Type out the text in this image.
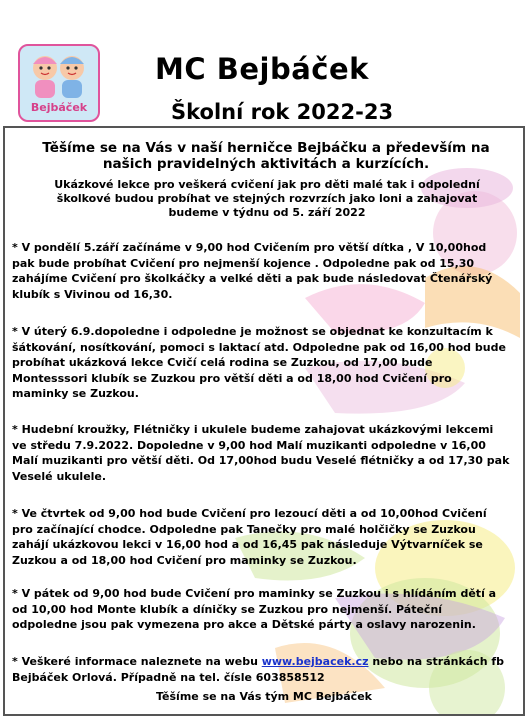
Bejbáček
MC Bejbáček
Školní rok 2022-23
Těšíme se na Vás v naší herničce Bejbáčku a především na našich pravidelných aktivitách a kurzících.
Ukázkové lekce pro veškerá cvičení jak pro děti malé tak i odpolední školkové budou probíhat ve stejných rozvrzích jako loni a zahajovat budeme v týdnu od 5. září 2022
* V pondělí 5.září začínáme v 9,00 hod Cvičením pro větší dítka , V 10,00hod pak bude probíhat Cvičení pro nejmenší kojence . Odpoledne pak od 15,30 zahájíme Cvičení pro školkáčky a velké děti a pak bude následovat Čtenářský klubík s Vivinou od 16,30.
* V úterý 6.9.dopoledne i odpoledne je možnost se objednat ke konzultacím k šátkování, nosítkování, pomoci s laktací atd. Odpoledne pak od 16,00 hod bude probíhat ukázková lekce Cvičí celá rodina se Zuzkou, od 17,00 bude Montesssori klubík se Zuzkou pro větší děti a od 18,00 hod Cvičení pro maminky se Zuzkou.
* Hudební kroužky, Flétničky i ukulele budeme zahajovat ukázkovými lekcemi ve středu 7.9.2022. Dopoledne v 9,00 hod Malí muzikanti odpoledne v 16,00 Malí muzikanti pro větší děti. Od 17,00hod budu Veselé flétničky a od 17,30 pak Veselé ukulele.
* Ve čtvrtek od 9,00 hod bude Cvičení pro lezoucí děti a od 10,00hod Cvičení pro začínající chodce. Odpoledne pak Tanečky pro malé holčičky se Zuzkou zahájí ukázkovou lekci v 16,00 hod a od 16,45 pak následuje Výtvarníček se Zuzkou a od 18,00 hod Cvičení pro maminky se Zuzkou.
* V pátek od 9,00 hod bude Cvičení pro maminky se Zuzkou i s hlídáním dětí a od 10,00 hod Monte klubík a díničky se Zuzkou pro nejmenší. Páteční odpoledne jsou pak vymezena pro akce a Dětské párty a oslavy narozenin.
* Veškeré informace naleznete na webu www.bejbacek.cz nebo na stránkách fb Bejbáček Orlová. Případně na tel. čísle 603858512
Těšíme se na Vás tým MC Bejbáček
